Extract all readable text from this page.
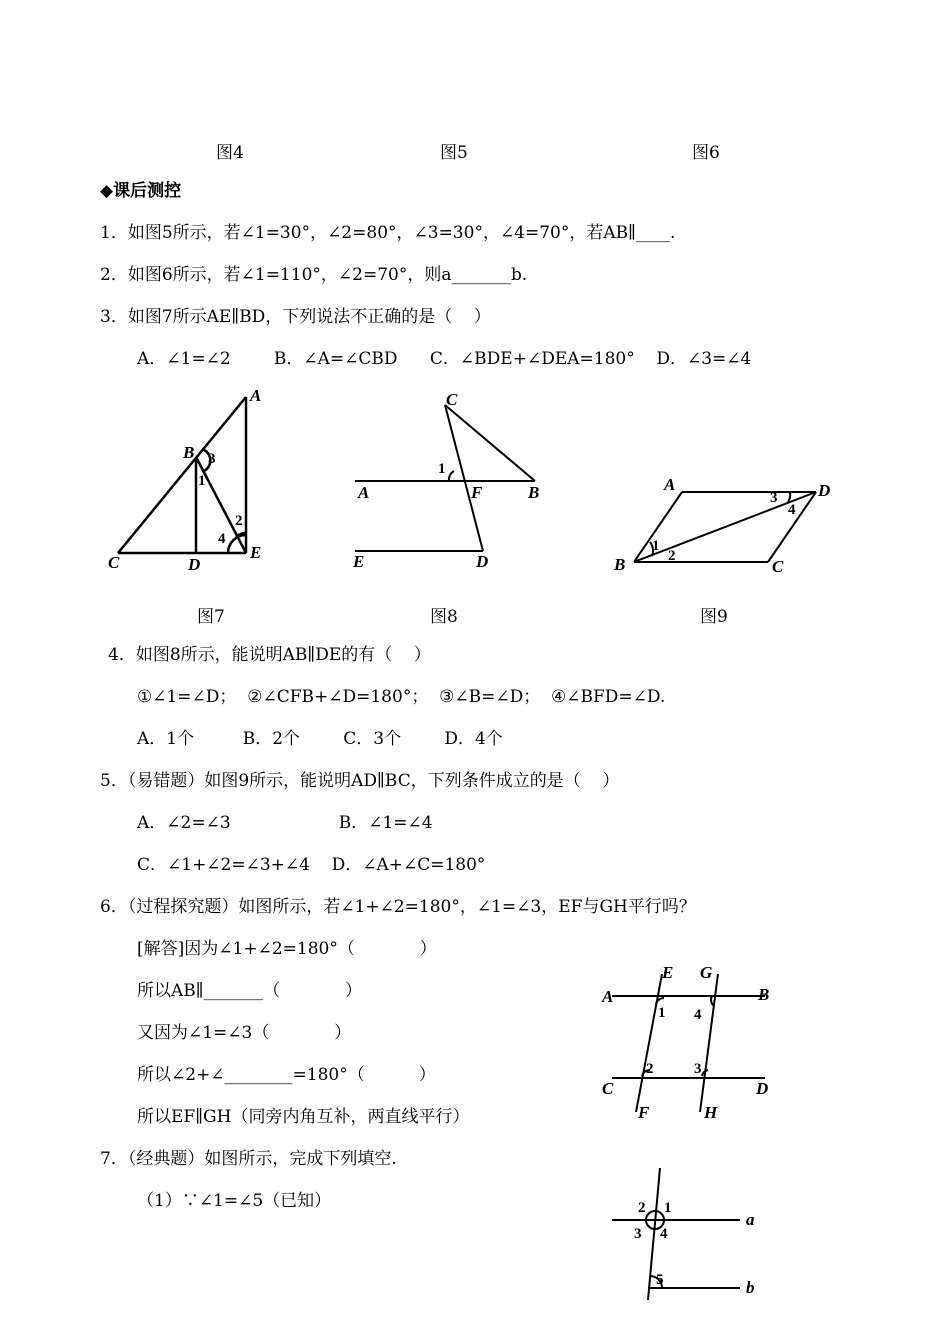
图4	图5	图6
◆课后测控
1．如图5所示，若∠1=30°，∠2=80°，∠3=30°，∠4=70°，若AB∥____.
2．如图6所示，若∠1=110°，∠2=70°，则a_______b.
3．如图7所示AE∥BD，下列说法不正确的是（    ）
A．∠1=∠2        B．∠A=∠CBD      C．∠BDE+∠DEA=180°    D．∠3=∠4
A
B
C	D
E
1
2
3
4
A	B
C
D
E
F
1
A
B	C
D
1
2
3
4
图7	图8	图9
4．如图8所示，能说明AB∥DE的有（    ）
①∠1=∠D；  ②∠CFB+∠D=180°；  ③∠B=∠D；  ④∠BFD=∠D.
A．1个         B．2个        C．3个        D．4个
5．（易错题）如图9所示，能说明AD∥BC，下列条件成立的是（    ）
A．∠2=∠3                    B．∠1=∠4
C．∠1+∠2=∠3+∠4    D．∠A+∠C=180°
6．（过程探究题）如图所示，若∠1+∠2=180°，∠1=∠3，EF与GH平行吗？
[解答]因为∠1+∠2=180°（            ）
所以AB∥_______（            ）
又因为∠1=∠3（            ）
所以∠2+∠________=180°（          ）
所以EF∥GH（同旁内角互补，两直线平行）
A	B
C	D
E
F
G
H
1
2	3
4
7．（经典题）如图所示，完成下列填空.
（1）∵∠1=∠5（已知）
a
b
1
2
3 4
5
